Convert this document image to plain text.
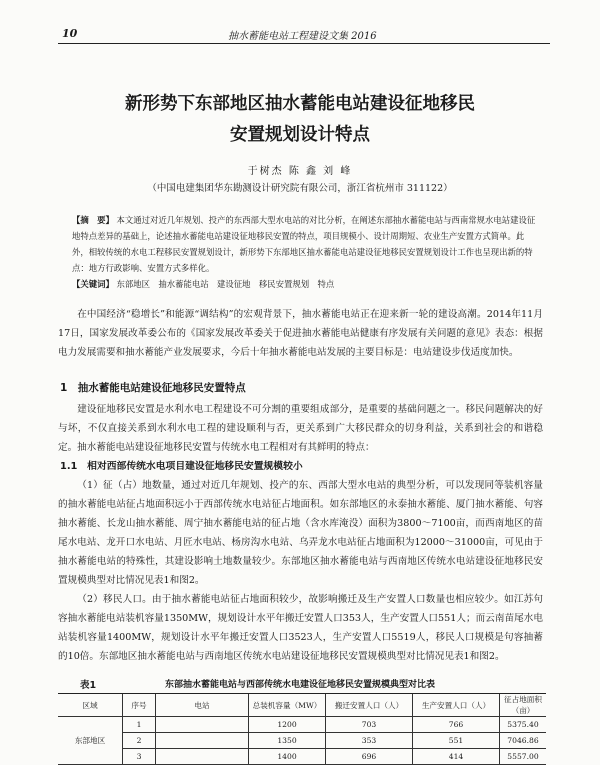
10	抽水蓄能电站工程建设文集 2016
新形势下东部地区抽水蓄能电站建设征地移民
安置规划设计特点
于树杰 陈 鑫 刘 峰
（中国电建集团华东勘测设计研究院有限公司，浙江省杭州市 311122）

【摘　要】 本文通过对近几年规划、投产的东西部大型水电站的对比分析，在阐述东部抽水蓄能电站与西南常规水电站建设征地特点差异的基础上，论述抽水蓄能电站建设征地移民安置的特点，项目规模小、设计周期短、农业生产安置方式简单。此外，相较传统的水电工程移民安置规划设计，新形势下东部地区抽水蓄能电站建设征地移民安置规划设计工作也呈现出新的特点：地方行政影响、安置方式多样化。

【关键词】 东部地区　抽水蓄能电站　建设征地　移民安置规划　特点

在中国经济“稳增长”和能源“调结构”的宏观背景下，抽水蓄能电站正在迎来新一轮的建设高潮。2014年11月17日，国家发展改革委公布的《国家发展改革委关于促进抽水蓄能电站健康有序发展有关问题的意见》表态：根据电力发展需要和抽水蓄能产业发展要求，今后十年抽水蓄能电站发展的主要目标是：电站建设步伐适度加快。

1　抽水蓄能电站建设征地移民安置特点

建设征地移民安置是水利水电工程建设不可分割的重要组成部分，是重要的基础问题之一。移民问题解决的好与坏，不仅直接关系到水利水电工程的建设顺利与否，更关系到广大移民群众的切身利益，关系到社会的和谐稳定。抽水蓄能电站建设征地移民安置与传统水电工程相对有其鲜明的特点：

1.1　相对西部传统水电项目建设征地移民安置规模较小

（1）征（占）地数量，通过对近几年规划、投产的东、西部大型水电站的典型分析，可以发现同等装机容量的抽水蓄能电站征占地面积远小于西部传统水电站征占地面积。如东部地区的永泰抽水蓄能、厦门抽水蓄能、句容抽水蓄能、长龙山抽水蓄能、周宁抽水蓄能电站的征占地（含水库淹没）面积为3800～7100亩，而西南地区的苗尾水电站、龙开口水电站、月匠水电站、杨房沟水电站、乌弄龙水电站征占地面积为12000～31000亩，可见由于抽水蓄能电站的特殊性，其建设影响土地数量较少。东部地区抽水蓄能电站与西南地区传统水电站建设征地移民安置规模典型对比情况见表1和图2。

（2）移民人口。由于抽水蓄能电站征占地面积较少，故影响搬迁及生产安置人口数量也相应较少。如江苏句容抽水蓄能电站装机容量1350MW，规划设计水平年搬迁安置人口353人，生产安置人口551人；而云南苗尾水电站装机容量1400MW，规划设计水平年搬迁安置人口3523人，生产安置人口5519人，移民人口规模是句容抽蓄的10倍。东部地区抽水蓄能电站与西南地区传统水电站建设征地移民安置规模典型对比情况见表1和图2。

表1	东部抽水蓄能电站与西部传统水电建设征地移民安置规模典型对比表
区域	序号	电站	总装机容量（MW）	搬迁安置人口（人）	生产安置人口（人）	征占地面积（亩）
东部地区	1		1200	703	766	5375.40
	2		1350	353	551	7046.86
	3		1400	696	414	5557.00
